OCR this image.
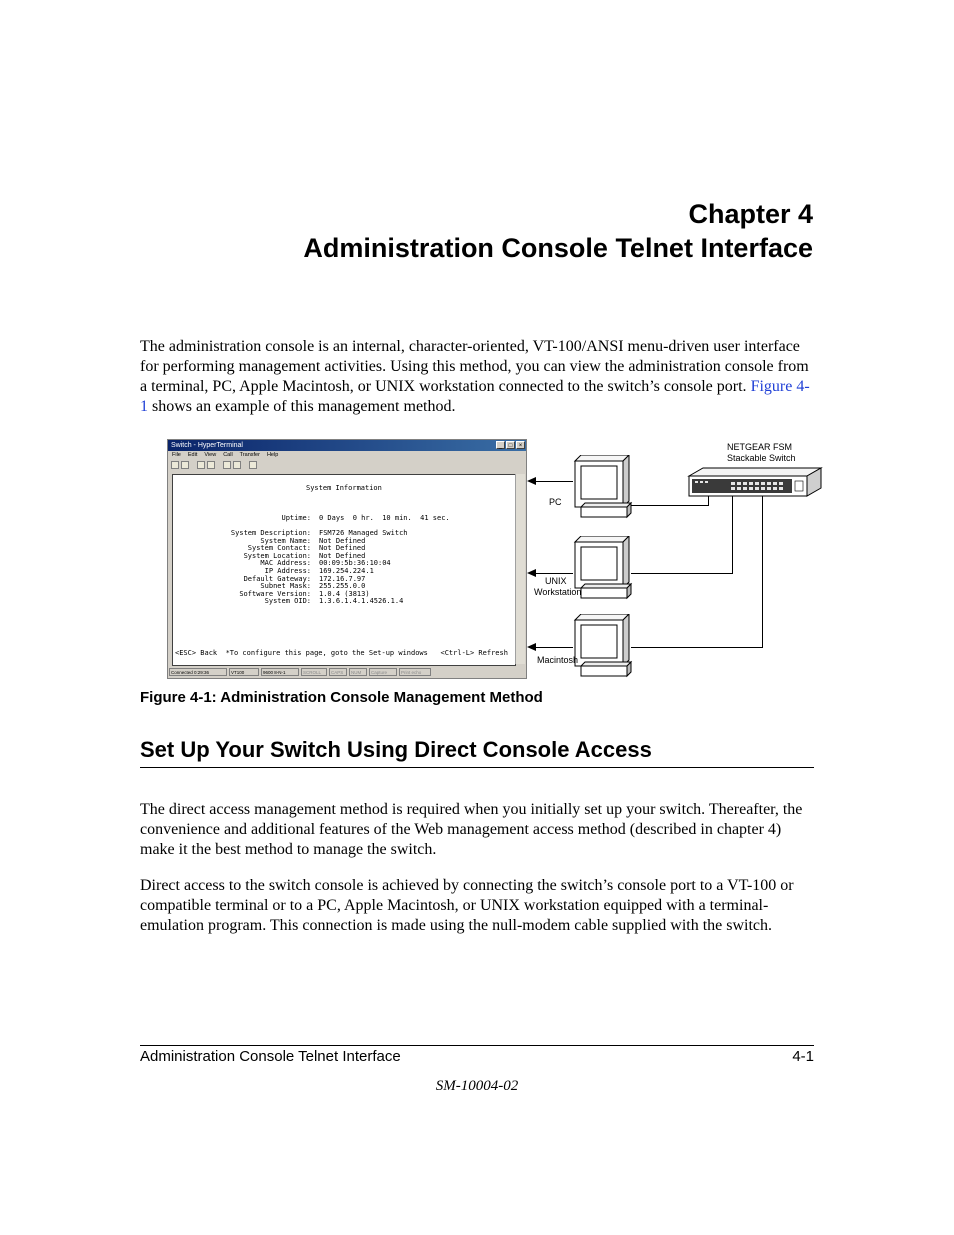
Chapter 4
Administration Console Telnet Interface

The administration console is an internal, character-oriented, VT-100/ANSI menu-driven user interface for performing management activities. Using this method, you can view the administration console from a terminal, PC, Apple Macintosh, or UNIX workstation connected to the switch’s console port. Figure 4-1 shows an example of this management method.

Switch - HyperTerminal	_	□	×
File Edit View Call Transfer Help
System Information
Uptime: 0 Days  0 hr.  10 min.  41 sec.
System Description: FSM726 Managed Switch
System Name: Not Defined
System Contact: Not Defined
System Location: Not Defined
MAC Address: 00:09:5b:36:10:04
IP Address: 169.254.224.1
Default Gateway: 172.16.7.97
Subnet Mask: 255.255.0.0
Software Version: 1.0.4 (3813)
System OID: 1.3.6.1.4.1.4526.1.4
<ESC> Back  *To configure this page, goto the Set-up windows   <Ctrl-L> Refresh
Connected 0:29:36	VT100	9600 8-N-1	SCROLL	CAPS	NUM	Capture	Print echo
NETGEAR FSM
Stackable Switch
PC
UNIX
Workstation
Macintosh
Figure 4-1: Administration Console Management Method
Set Up Your Switch Using Direct Console Access

The direct access management method is required when you initially set up your switch. Thereafter, the convenience and additional features of the Web management access method (described in chapter 4) make it the best method to manage the switch.

Direct access to the switch console is achieved by connecting the switch’s console port to a VT-100 or compatible terminal or to a PC, Apple Macintosh, or UNIX workstation equipped with a terminal-emulation program. This connection is made using the null-modem cable supplied with the switch.

Administration Console Telnet Interface	4-1
SM-10004-02
